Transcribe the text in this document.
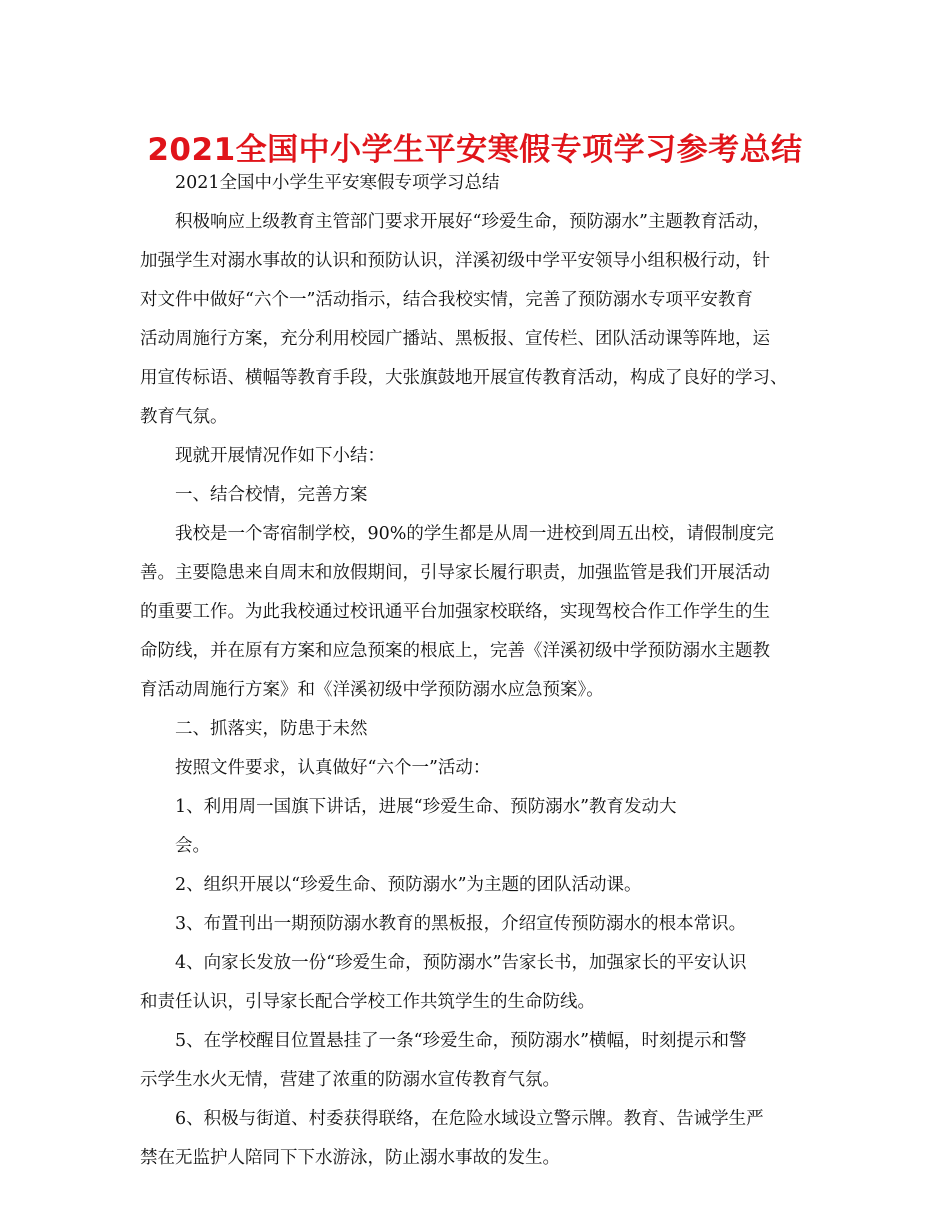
2021全国中小学生平安寒假专项学习参考总结

2021全国中小学生平安寒假专项学习总结

积极响应上级教育主管部门要求开展好“珍爱生命，预防溺水”主题教育活动，

加强学生对溺水事故的认识和预防认识，洋溪初级中学平安领导小组积极行动，针

对文件中做好“六个一”活动指示，结合我校实情，完善了预防溺水专项平安教育

活动周施行方案，充分利用校园广播站、黑板报、宣传栏、团队活动课等阵地，运

用宣传标语、横幅等教育手段，大张旗鼓地开展宣传教育活动，构成了良好的学习、

教育气氛。

现就开展情况作如下小结：

一、结合校情，完善方案

我校是一个寄宿制学校，90%的学生都是从周一进校到周五出校，请假制度完

善。主要隐患来自周末和放假期间，引导家长履行职责，加强监管是我们开展活动

的重要工作。为此我校通过校讯通平台加强家校联络，实现驾校合作工作学生的生

命防线，并在原有方案和应急预案的根底上，完善《洋溪初级中学预防溺水主题教

育活动周施行方案》和《洋溪初级中学预防溺水应急预案》。

二、抓落实，防患于未然

按照文件要求，认真做好“六个一”活动：

1、利用周一国旗下讲话，进展“珍爱生命、预防溺水”教育发动大

会。

2、组织开展以“珍爱生命、预防溺水”为主题的团队活动课。

3、布置刊出一期预防溺水教育的黑板报，介绍宣传预防溺水的根本常识。

4、向家长发放一份“珍爱生命，预防溺水”告家长书，加强家长的平安认识

和责任认识，引导家长配合学校工作共筑学生的生命防线。

5、在学校醒目位置悬挂了一条“珍爱生命，预防溺水”横幅，时刻提示和警

示学生水火无情，营建了浓重的防溺水宣传教育气氛。

6、积极与街道、村委获得联络，在危险水域设立警示牌。教育、告诫学生严

禁在无监护人陪同下下水游泳，防止溺水事故的发生。
